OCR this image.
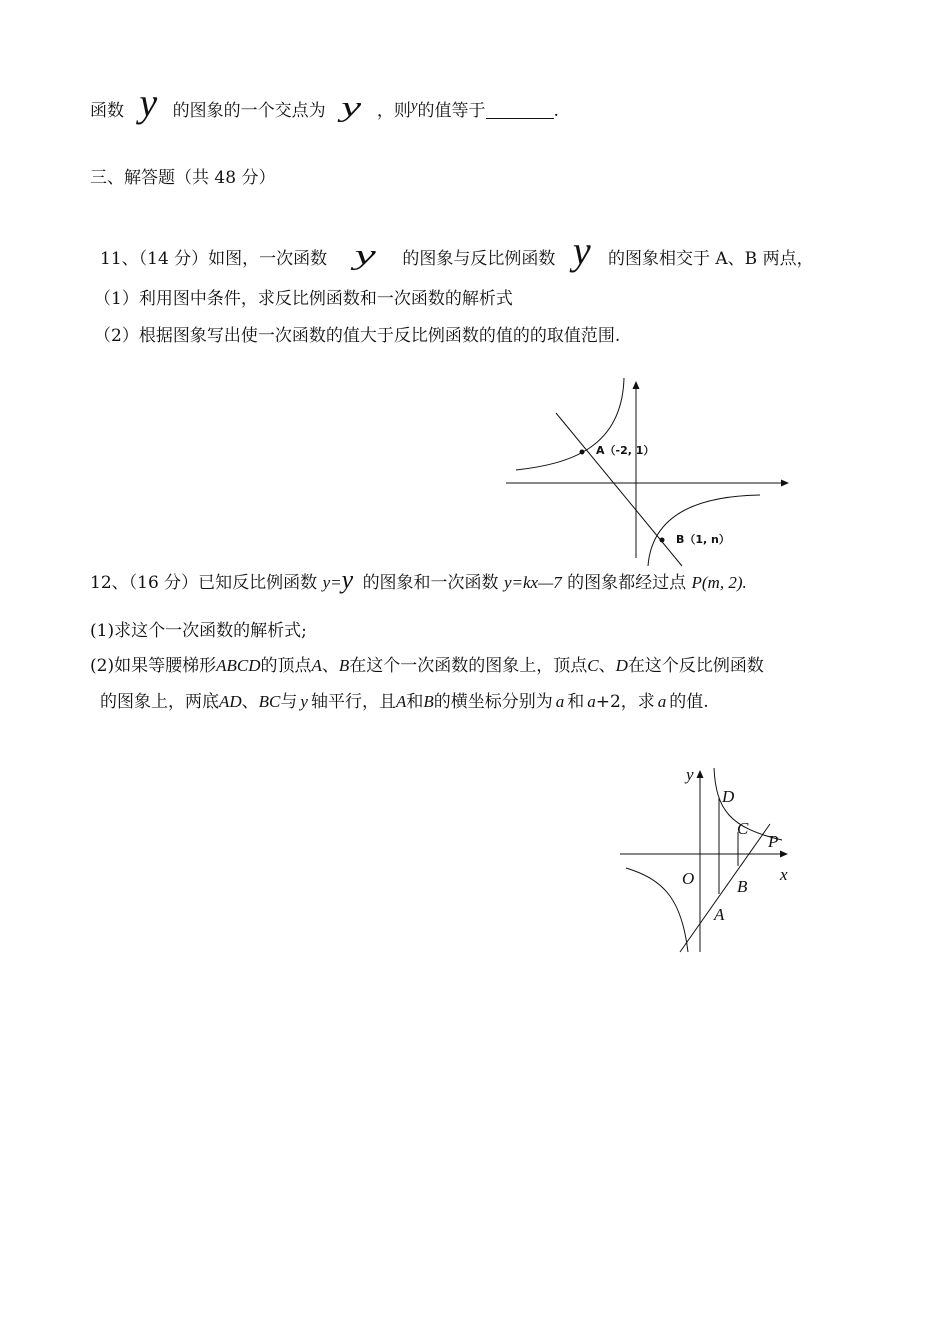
函数 y 的图象的一个交点为 y ，则y的值等于	.
三、解答题（共 48 分）
11、（14 分）如图，一次函数 y 的图象与反比例函数 y 的图象相交于 A、B 两点，
（1）利用图中条件，求反比例函数和一次函数的解析式
（2）根据图象写出使一次函数的值大于反比例函数的值的的取值范围.
A（-2, 1）
B（1, n）
12、（16 分）已知反比例函数 y=y 的图象和一次函数 y=kx—7 的图象都经过点 P(m, 2).
(1)求这个一次函数的解析式;
(2)如果等腰梯形ABCD的顶点A、B在这个一次函数的图象上，顶点C、D在这个反比例函数
的图象上，两底AD、BC与 y 轴平行，且A和B的横坐标分别为 a 和 a+2，求 a 的值.
y
x
O
D
C
P
B
A
